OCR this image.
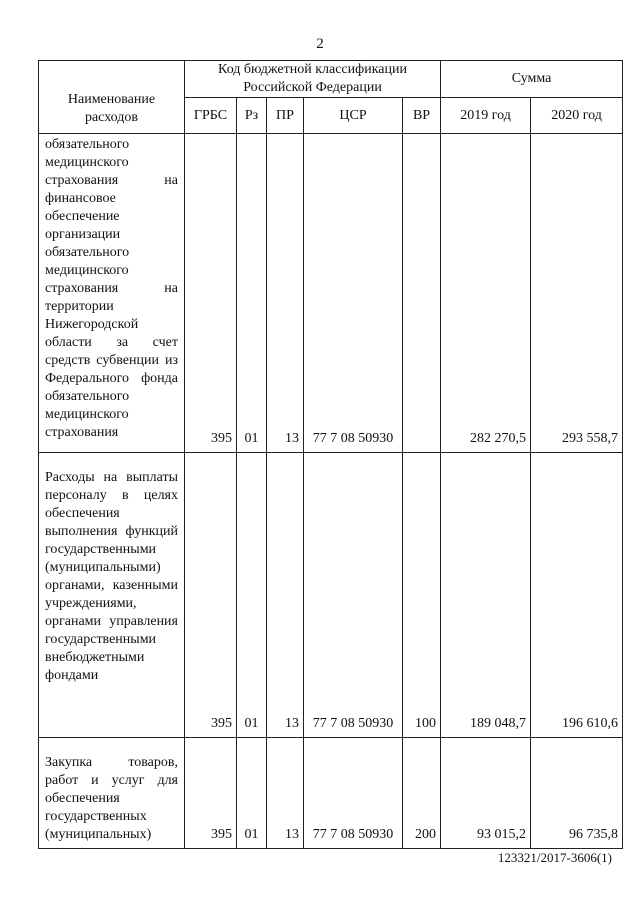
2
Наименование расходов	Код бюджетной классификации Российской Федерации					Сумма	
	ГРБС	Рз	ПР	ЦСР	ВР	2019 год	2020 год
обязательного медицинского страхования на финансовое обеспечение организации обязательного медицинского страхования на территории Нижегородской области за счет средств субвенции из Федерального фонда обязательного медицинского страхования	395	01	13	77 7 08 50930		282 270,5	293 558,7
Расходы на выплаты персоналу в целях обеспечения выполнения функций государственными (муниципальными) органами, казенными учреждениями, органами управления государственными внебюджетными фондами	395	01	13	77 7 08 50930	100	189 048,7	196 610,6
Закупка товаров, работ и услуг для обеспечения государственных (муниципальных)	395	01	13	77 7 08 50930	200	93 015,2	96 735,8
123321/2017-3606(1)
